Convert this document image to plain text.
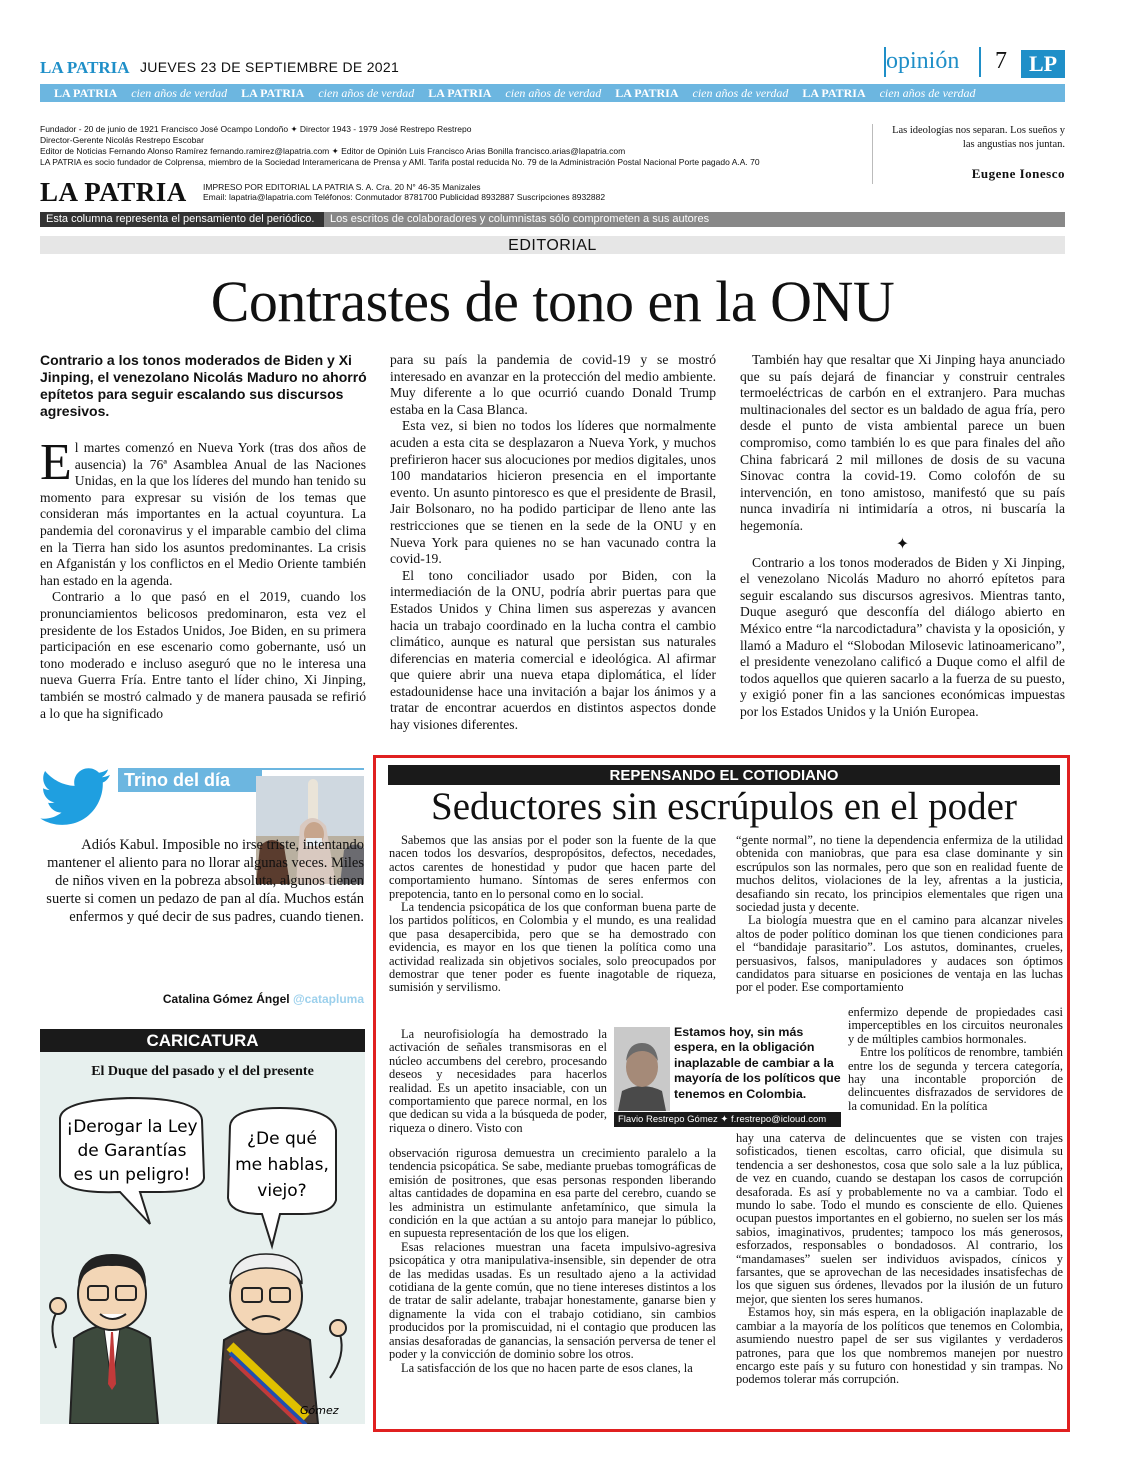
LA PATRIA JUEVES 23 DE SEPTIEMBRE DE 2021	opinión 7 LP
LA PATRIA cien años de verdad LA PATRIA cien años de verdad LA PATRIA cien años de verdad LA PATRIA cien años de verdad LA PATRIA cien años de verdad
Fundador - 20 de junio de 1921 Francisco José Ocampo Londoño ✦ Director 1943 - 1979 José Restrepo Restrepo
Director-Gerente Nicolás Restrepo Escobar
Editor de Noticias Fernando Alonso Ramírez fernando.ramirez@lapatria.com ✦ Editor de Opinión Luis Francisco Arias Bonilla francisco.arias@lapatria.com
LA PATRIA es socio fundador de Colprensa, miembro de la Sociedad Interamericana de Prensa y AMI. Tarifa postal reducida No. 79 de la Administración Postal Nacional Porte pagado A.A. 70
LA PATRIA IMPRESO POR EDITORIAL LA PATRIA S. A. Cra. 20 N° 46-35 Manizales
Email: lapatria@lapatria.com Teléfonos: Conmutador 8781700 Publicidad 8932887 Suscripciones 8932882
Las ideologías nos separan. Los sueños y las angustias nos juntan.
Eugene Ionesco
Esta columna representa el pensamiento del periódico.	Los escritos de colaboradores y columnistas sólo comprometen a sus autores
EDITORIAL
Contrastes de tono en la ONU
Contrario a los tonos moderados de Biden y Xi Jinping, el venezolano Nicolás Maduro no ahorró epítetos para seguir escalando sus discursos agresivos.

El martes comenzó en Nueva York (tras dos años de ausencia) la 76ª Asamblea Anual de las Naciones Unidas, en la que los líderes del mundo han tenido su momento para expresar su visión de los temas que consideran más importantes en la actual coyuntura. La pandemia del coronavirus y el imparable cambio del clima en la Tierra han sido los asuntos predominantes. La crisis en Afganistán y los conflictos en el Medio Oriente también han estado en la agenda.

Contrario a lo que pasó en el 2019, cuando los pronunciamientos belicosos predominaron, esta vez el presidente de los Estados Unidos, Joe Biden, en su primera participación en ese escenario como gobernante, usó un tono moderado e incluso aseguró que no le interesa una nueva Guerra Fría. Entre tanto el líder chino, Xi Jinping, también se mostró calmado y de manera pausada se refirió a lo que ha significado

para su país la pandemia de covid-19 y se mostró interesado en avanzar en la protección del medio ambiente. Muy diferente a lo que ocurrió cuando Donald Trump estaba en la Casa Blanca.

Esta vez, si bien no todos los líderes que normalmente acuden a esta cita se desplazaron a Nueva York, y muchos prefirieron hacer sus alocuciones por medios digitales, unos 100 mandatarios hicieron presencia en el importante evento. Un asunto pintoresco es que el presidente de Brasil, Jair Bolsonaro, no ha podido participar de lleno ante las restricciones que se tienen en la sede de la ONU y en Nueva York para quienes no se han vacunado contra la covid-19.

El tono conciliador usado por Biden, con la intermediación de la ONU, podría abrir puertas para que Estados Unidos y China limen sus asperezas y avancen hacia un trabajo coordinado en la lucha contra el cambio climático, aunque es natural que persistan sus naturales diferencias en materia comercial e ideológica. Al afirmar que quiere abrir una nueva etapa diplomática, el líder estadounidense hace una invitación a bajar los ánimos y a tratar de encontrar acuerdos en distintos aspectos donde hay visiones diferentes.

También hay que resaltar que Xi Jinping haya anunciado que su país dejará de financiar y construir centrales termoeléctricas de carbón en el extranjero. Para muchas multinacionales del sector es un baldado de agua fría, pero desde el punto de vista ambiental parece un buen compromiso, como también lo es que para finales del año China fabricará 2 mil millones de dosis de su vacuna Sinovac contra la covid-19. Como colofón de su intervención, en tono amistoso, manifestó que su país nunca invadiría ni intimidaría a otros, ni buscaría la hegemonía.

✦

Contrario a los tonos moderados de Biden y Xi Jinping, el venezolano Nicolás Maduro no ahorró epítetos para seguir escalando sus discursos agresivos. Mientras tanto, Duque aseguró que desconfía del diálogo abierto en México entre “la narcodictadura” chavista y la oposición, y llamó a Maduro el “Slobodan Milosevic latinoamericano”, el presidente venezolano calificó a Duque como el alfil de todos aquellos que quieren sacarlo a la fuerza de su puesto, y exigió poner fin a las sanciones económicas impuestas por los Estados Unidos y la Unión Europea.

Trino del día
Adiós Kabul. Imposible no irse triste, intentando mantener el aliento para no llorar algunas veces. Miles de niños viven en la pobreza absoluta, algunos tienen suerte si comen un pedazo de pan al día. Muchos están enfermos y qué decir de sus padres, cuando tienen.
Catalina Gómez Ángel @catapluma
CARICATURA
El Duque del pasado y el del presente
¡Derogar la Ley
de Garantías
es un peligro!
¿De qué
me hablas,
viejo?
Gómez
REPENSANDO EL COTIODIANO
Seductores sin escrúpulos en el poder

Sabemos que las ansias por el poder son la fuente de la que nacen todos los desvaríos, despropósitos, defectos, necedades, actos carentes de honestidad y pudor que hacen parte del comportamiento humano. Síntomas de seres enfermos con prepotencia, tanto en lo personal como en lo social.

La tendencia psicopática de los que conforman buena parte de los partidos políticos, en Colombia y el mundo, es una realidad que pasa desapercibida, pero que se ha demostrado con evidencia, es mayor en los que tienen la política como una actividad realizada sin objetivos sociales, solo preocupados por demostrar que tener poder es fuente inagotable de riqueza, sumisión y servilismo.

La neurofisiología ha demostrado la activación de señales transmisoras en el núcleo accumbens del cerebro, procesando deseos y necesidades para hacerlos realidad. Es un apetito insaciable, con un comportamiento que parece normal, en los que dedican su vida a la búsqueda de poder, riqueza o dinero. Visto con

observación rigurosa demuestra un crecimiento paralelo a la tendencia psicopática. Se sabe, mediante pruebas tomográficas de emisión de positrones, que esas personas responden liberando altas cantidades de dopamina en esa parte del cerebro, cuando se les administra un estimulante anfetamínico, que simula la condición en la que actúan a su antojo para manejar lo público, en supuesta representación de los que los eligen.

Esas relaciones muestran una faceta impulsivo-agresiva psicopática y otra manipulativa-insensible, sin depender de otra de las medidas usadas. Es un resultado ajeno a la actividad cotidiana de la gente común, que no tiene intereses distintos a los de tratar de salir adelante, trabajar honestamente, ganarse bien y dignamente la vida con el trabajo cotidiano, sin cambios producidos por la promiscuidad, ni el contagio que producen las ansias desaforadas de ganancias, la sensación perversa de tener el poder y la convicción de dominio sobre los otros.

La satisfacción de los que no hacen parte de esos clanes, la

Estamos hoy, sin más espera, en la obligación inaplazable de cambiar a la mayoría de los políticos que tenemos en Colombia.
Flavio Restrepo Gómez ✦ f.restrepo@icloud.com

“gente normal”, no tiene la dependencia enfermiza de la utilidad obtenida con maniobras, que para esa clase dominante y sin escrúpulos son las normales, pero que son en realidad fuente de muchos delitos, violaciones de la ley, afrentas a la justicia, desafiando sin recato, los principios elementales que rigen una sociedad justa y decente.

La biología muestra que en el camino para alcanzar niveles altos de poder político dominan los que tienen condiciones para el “bandidaje parasitario”. Los astutos, dominantes, crueles, persuasivos, falsos, manipuladores y audaces son óptimos candidatos para situarse en posiciones de ventaja en las luchas por el poder. Ese comportamiento

enfermizo depende de propiedades casi imperceptibles en los circuitos neuronales y de múltiples cambios hormonales.

Entre los políticos de renombre, también entre los de segunda y tercera categoría, hay una incontable proporción de delincuentes disfrazados de servidores de la comunidad. En la política

hay una caterva de delincuentes que se visten con trajes sofisticados, tienen escoltas, carro oficial, que disimula su tendencia a ser deshonestos, cosa que solo sale a la luz pública, de vez en cuando, cuando se destapan los casos de corrupción desaforada. Es así y probablemente no va a cambiar. Todo el mundo lo sabe. Todo el mundo es consciente de ello. Quienes ocupan puestos importantes en el gobierno, no suelen ser los más sabios, imaginativos, prudentes; tampoco los más generosos, esforzados, responsables o bondadosos. Al contrario, los “mandamases” suelen ser individuos avispados, cínicos y farsantes, que se aprovechan de las necesidades insatisfechas de los que siguen sus órdenes, llevados por la ilusión de un futuro mejor, que sienten los seres humanos.

Estamos hoy, sin más espera, en la obligación inaplazable de cambiar a la mayoría de los políticos que tenemos en Colombia, asumiendo nuestro papel de ser sus vigilantes y verdaderos patrones, para que los que nombremos manejen por nuestro encargo este país y su futuro con honestidad y sin trampas. No podemos tolerar más corrupción.
